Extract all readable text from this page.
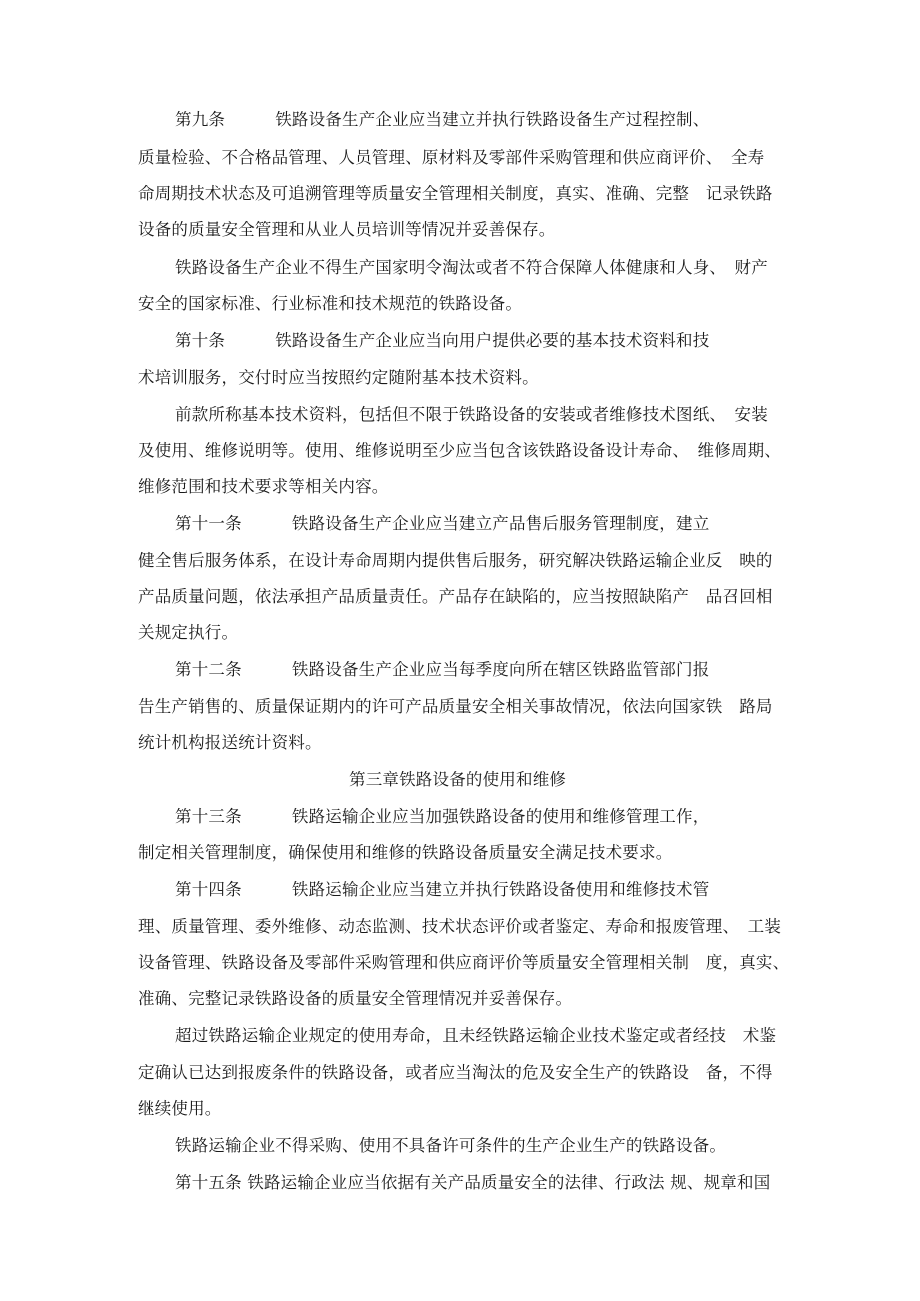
第九条　　　铁路设备生产企业应当建立并执行铁路设备生产过程控制、

质量检验、不合格品管理、人员管理、原材料及零部件采购管理和供应商评价、　全寿

命周期技术状态及可追溯管理等质量安全管理相关制度，真实、准确、完整　记录铁路

设备的质量安全管理和从业人员培训等情况并妥善保存。

铁路设备生产企业不得生产国家明令淘汰或者不符合保障人体健康和人身、　财产

安全的国家标准、行业标准和技术规范的铁路设备。

第十条　　　铁路设备生产企业应当向用户提供必要的基本技术资料和技

术培训服务，交付时应当按照约定随附基本技术资料。

前款所称基本技术资料，包括但不限于铁路设备的安装或者维修技术图纸、　安装

及使用、维修说明等。使用、维修说明至少应当包含该铁路设备设计寿命、　维修周期、

维修范围和技术要求等相关内容。

第十一条　　　铁路设备生产企业应当建立产品售后服务管理制度，建立

健全售后服务体系，在设计寿命周期内提供售后服务，研究解决铁路运输企业反　映的

产品质量问题，依法承担产品质量责任。产品存在缺陷的，应当按照缺陷产　品召回相

关规定执行。

第十二条　　　铁路设备生产企业应当每季度向所在辖区铁路监管部门报

告生产销售的、质量保证期内的许可产品质量安全相关事故情况，依法向国家铁　路局

统计机构报送统计资料。

第三章铁路设备的使用和维修

第十三条　　　铁路运输企业应当加强铁路设备的使用和维修管理工作，

制定相关管理制度，确保使用和维修的铁路设备质量安全满足技术要求。

第十四条　　　铁路运输企业应当建立并执行铁路设备使用和维修技术管

理、质量管理、委外维修、动态监测、技术状态评价或者鉴定、寿命和报废管理、　工装

设备管理、铁路设备及零部件采购管理和供应商评价等质量安全管理相关制　度，真实、

准确、完整记录铁路设备的质量安全管理情况并妥善保存。

超过铁路运输企业规定的使用寿命，且未经铁路运输企业技术鉴定或者经技　术鉴

定确认已达到报废条件的铁路设备，或者应当淘汰的危及安全生产的铁路设　备，不得

继续使用。

铁路运输企业不得采购、使用不具备许可条件的生产企业生产的铁路设备。

第十五条 铁路运输企业应当依据有关产品质量安全的法律、行政法 规、规章和国
